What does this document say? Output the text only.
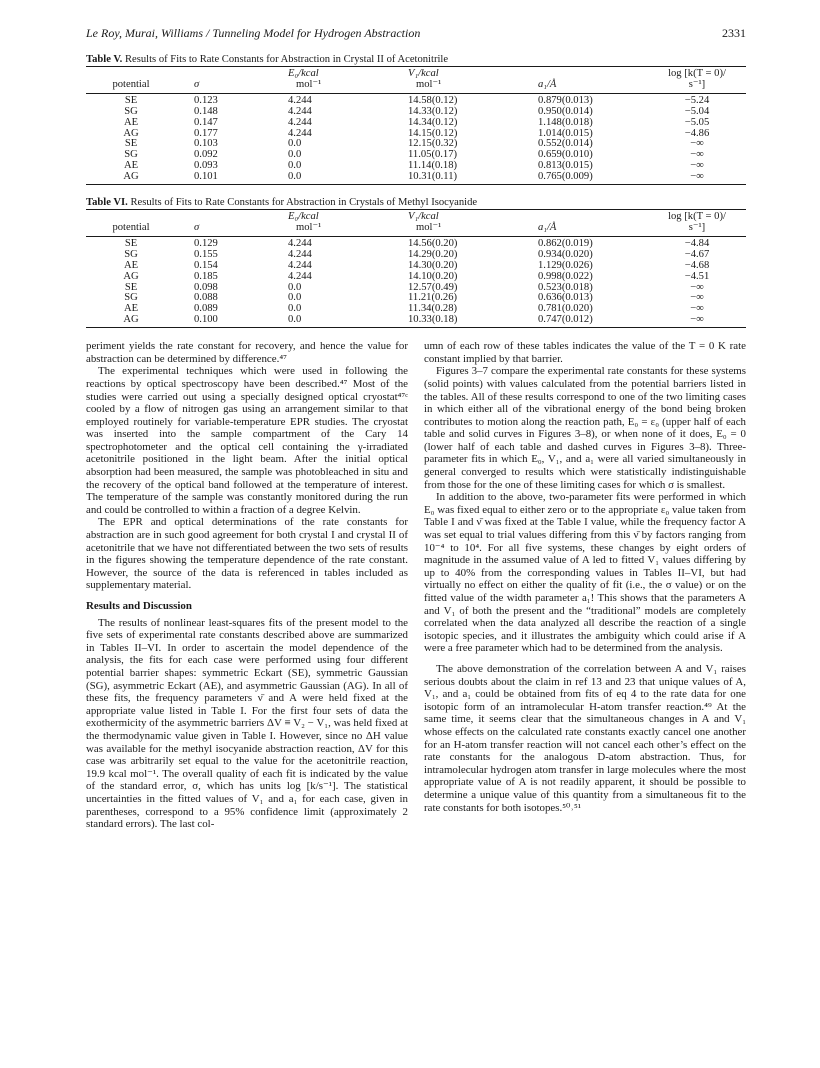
Le Roy, Murai, Williams / Tunneling Model for Hydrogen Abstraction	2331
Table V. Results of Fits to Rate Constants for Abstraction in Crystal II of Acetonitrile
		E₀/kcal	V₁/kcal		log [k(T = 0)/
potential	σ	mol⁻¹	mol⁻¹	a₁/Å	s⁻¹]
SE	0.123	4.244	14.58(0.12)	0.879(0.013)	−5.24
SG	0.148	4.244	14.33(0.12)	0.950(0.014)	−5.04
AE	0.147	4.244	14.34(0.12)	1.148(0.018)	−5.05
AG	0.177	4.244	14.15(0.12)	1.014(0.015)	−4.86
SE	0.103	0.0	12.15(0.32)	0.552(0.014)	−∞
SG	0.092	0.0	11.05(0.17)	0.659(0.010)	−∞
AE	0.093	0.0	11.14(0.18)	0.813(0.015)	−∞
AG	0.101	0.0	10.31(0.11)	0.765(0.009)	−∞
Table VI. Results of Fits to Rate Constants for Abstraction in Crystals of Methyl Isocyanide
		E₀/kcal	V₁/kcal		log [k(T = 0)/
potential	σ	mol⁻¹	mol⁻¹	a₁/Å	s⁻¹]
SE	0.129	4.244	14.56(0.20)	0.862(0.019)	−4.84
SG	0.155	4.244	14.29(0.20)	0.934(0.020)	−4.67
AE	0.154	4.244	14.30(0.20)	1.129(0.026)	−4.68
AG	0.185	4.244	14.10(0.20)	0.998(0.022)	−4.51
SE	0.098	0.0	12.57(0.49)	0.523(0.018)	−∞
SG	0.088	0.0	11.21(0.26)	0.636(0.013)	−∞
AE	0.089	0.0	11.34(0.28)	0.781(0.020)	−∞
AG	0.100	0.0	10.33(0.18)	0.747(0.012)	−∞

periment yields the rate constant for recovery, and hence the value for abstraction can be determined by difference.⁴⁷

The experimental techniques which were used in following the reactions by optical spectroscopy have been described.⁴⁷ Most of the studies were carried out using a specially designed optical cryostat⁴⁷ᶜ cooled by a flow of nitrogen gas using an arrangement similar to that employed routinely for variable-temperature EPR studies. The cryostat was inserted into the sample compartment of the Cary 14 spectrophotometer and the optical cell containing the γ-irradiated acetonitrile positioned in the light beam. After the initial optical absorption had been measured, the sample was photobleached in situ and the recovery of the optical band followed at the temperature of interest. The temperature of the sample was constantly monitored during the run and could be controlled to within a fraction of a degree Kelvin.

The EPR and optical determinations of the rate constants for abstraction are in such good agreement for both crystal I and crystal II of acetonitrile that we have not differentiated between the two sets of results in the figures showing the temperature dependence of the rate constant. However, the source of the data is referenced in tables included as supplementary material.

Results and Discussion

The results of nonlinear least-squares fits of the present model to the five sets of experimental rate constants described above are summarized in Tables II–VI. In order to ascertain the model dependence of the analysis, the fits for each case were performed using four different potential barrier shapes: symmetric Eckart (SE), symmetric Gaussian (SG), asymmetric Eckart (AE), and asymmetric Gaussian (AG). In all of these fits, the frequency parameters ν̄ and A were held fixed at the appropriate value listed in Table I. For the first four sets of data the exothermicity of the asymmetric barriers ΔV ≡ V₂ − V₁, was held fixed at the thermodynamic value given in Table I. However, since no ΔH value was available for the methyl isocyanide abstraction reaction, ΔV for this case was arbitrarily set equal to the value for the acetonitrile reaction, 19.9 kcal mol⁻¹. The overall quality of each fit is indicated by the value of the standard error, σ, which has units log [k/s⁻¹]. The statistical uncertainties in the fitted values of V₁ and a₁ for each case, given in parentheses, correspond to a 95% confidence limit (approximately 2 standard errors). The last col-

umn of each row of these tables indicates the value of the T = 0 K rate constant implied by that barrier.

Figures 3–7 compare the experimental rate constants for these systems (solid points) with values calculated from the potential barriers listed in the tables. All of these results correspond to one of the two limiting cases in which either all of the vibrational energy of the bond being broken contributes to motion along the reaction path, E₀ = ε₀ (upper half of each table and solid curves in Figures 3–8), or when none of it does, E₀ = 0 (lower half of each table and dashed curves in Figures 3–8). Three-parameter fits in which E₀, V₁, and a₁ were all varied simultaneously in general converged to results which were statistically indistinguishable from those for the one of these limiting cases for which σ is smallest.

In addition to the above, two-parameter fits were performed in which E₀ was fixed equal to either zero or to the appropriate ε₀ value taken from Table I and ν̄ was fixed at the Table I value, while the frequency factor A was set equal to trial values differing from this ν̄ by factors ranging from 10⁻⁴ to 10⁴. For all five systems, these changes by eight orders of magnitude in the assumed value of A led to fitted V₁ values differing by up to 40% from the corresponding values in Tables II–VI, but had virtually no effect on either the quality of fit (i.e., the σ value) or on the fitted value of the width parameter a₁! This shows that the parameters A and V₁ of both the present and the “traditional” models are completely correlated when the data analyzed all describe the reaction of a single isotopic species, and it illustrates the ambiguity which could arise if A were a free parameter which had to be determined from the analysis.

The above demonstration of the correlation between A and V₁ raises serious doubts about the claim in ref 13 and 23 that unique values of A, V₁, and a₁ could be obtained from fits of eq 4 to the rate data for one isotopic form of an intramolecular H-atom transfer reaction.⁴⁹ At the same time, it seems clear that the simultaneous changes in A and V₁ whose effects on the calculated rate constants exactly cancel one another for an H-atom transfer reaction will not cancel each other’s effect on the rate constants for the analogous D-atom abstraction. Thus, for intramolecular hydrogen atom transfer in large molecules where the most appropriate value of A is not readily apparent, it should be possible to determine a unique value of this quantity from a simultaneous fit to the rate constants for both isotopes.⁵⁰˒⁵¹
